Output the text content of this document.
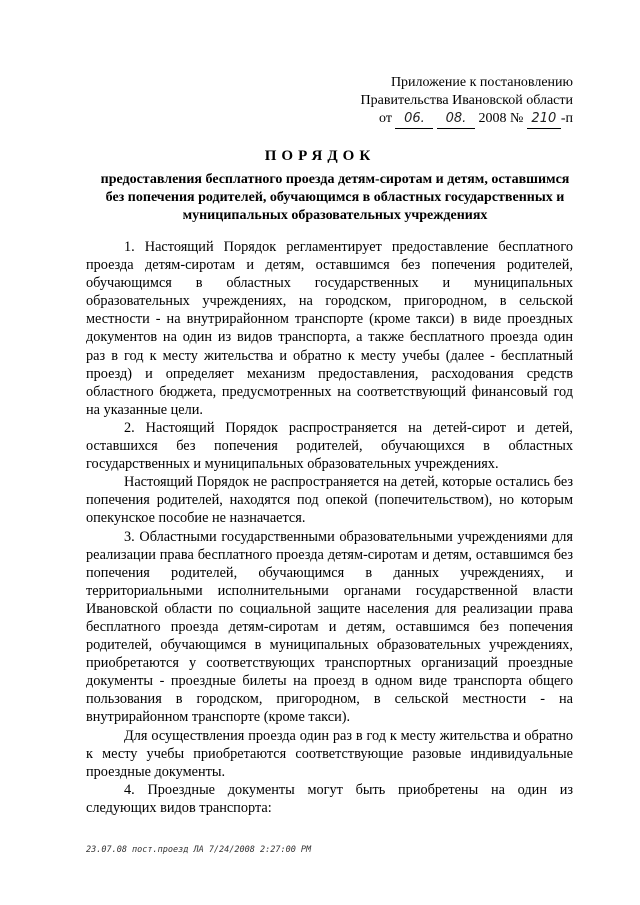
Приложение к постановлению
Правительства Ивановской области
от 06. 08. 2008 № 210 -п
ПОРЯДОК
предоставления бесплатного проезда детям-сиротам и детям, оставшимся без попечения родителей, обучающимся в областных государственных и муниципальных образовательных учреждениях

1. Настоящий Порядок регламентирует предоставление бесплатного проезда детям-сиротам и детям, оставшимся без попечения родителей, обучающимся в областных государственных и муниципальных образовательных учреждениях, на городском, пригородном, в сельской местности - на внутрирайонном транспорте (кроме такси) в виде проездных документов на один из видов транспорта, а также бесплатного проезда один раз в год к месту жительства и обратно к месту учебы (далее - бесплатный проезд) и определяет механизм предоставления, расходования средств областного бюджета, предусмотренных на соответствующий финансовый год на указанные цели.

2. Настоящий Порядок распространяется на детей-сирот и детей, оставшихся без попечения родителей, обучающихся в областных государственных и муниципальных образовательных учреждениях.

Настоящий Порядок не распространяется на детей, которые остались без попечения родителей, находятся под опекой (попечительством), но которым опекунское пособие не назначается.

3. Областными государственными образовательными учреждениями для реализации права бесплатного проезда детям-сиротам и детям, оставшимся без попечения родителей, обучающимся в данных учреждениях, и территориальными исполнительными органами государственной власти Ивановской области по социальной защите населения для реализации права бесплатного проезда детям-сиротам и детям, оставшимся без попечения родителей, обучающимся в муниципальных образовательных учреждениях, приобретаются у соответствующих транспортных организаций проездные документы - проездные билеты на проезд в одном виде транспорта общего пользования в городском, пригородном, в сельской местности - на внутрирайонном транспорте (кроме такси).

Для осуществления проезда один раз в год к месту жительства и обратно к месту учебы приобретаются соответствующие разовые индивидуальные проездные документы.

4. Проездные документы могут быть приобретены на один из следующих видов транспорта:

23.07.08 пост.проезд ЛА 7/24/2008 2:27:00 PM
